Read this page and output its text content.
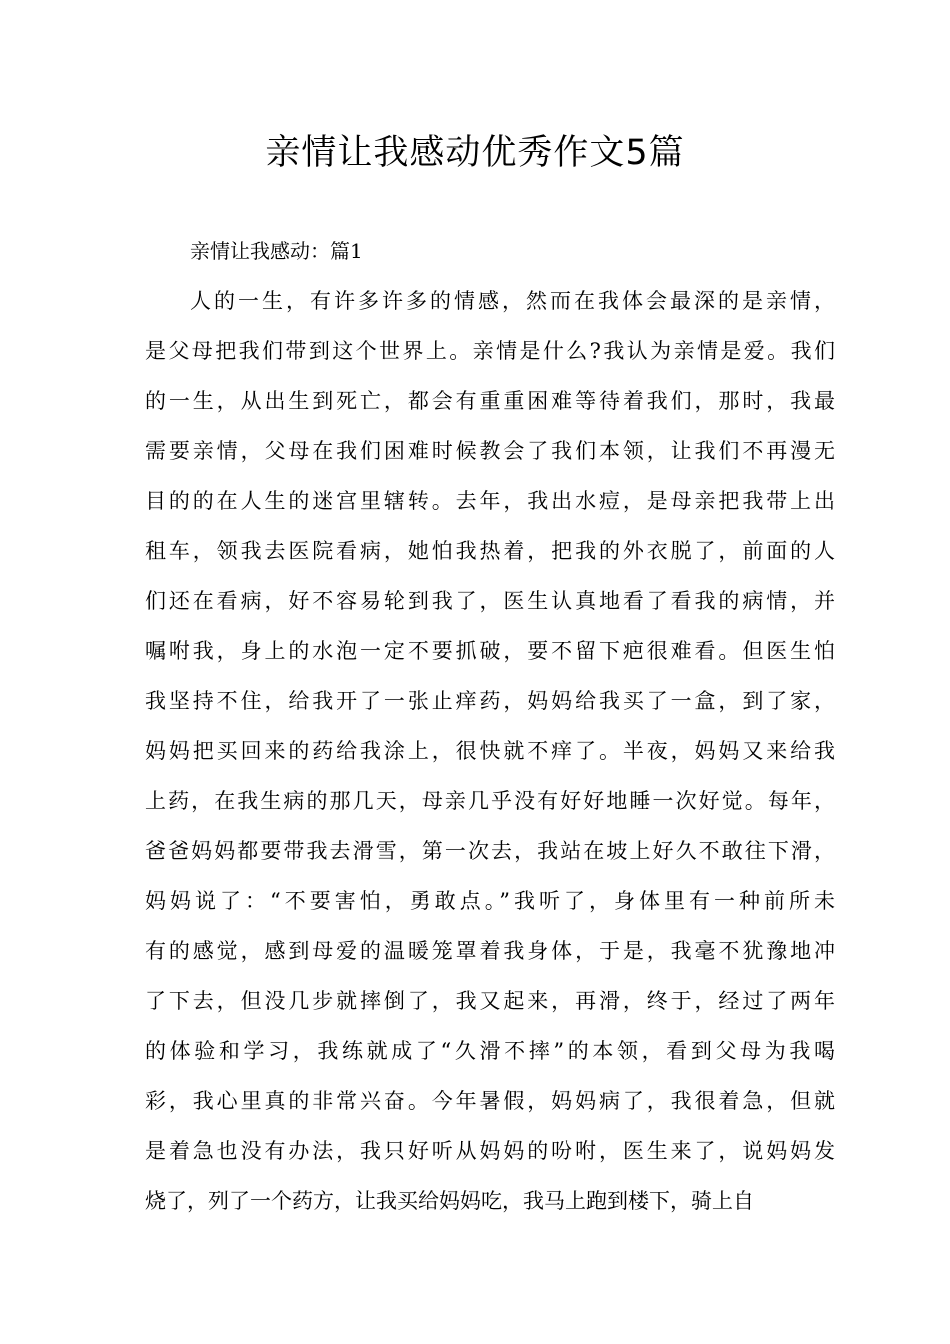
亲情让我感动优秀作文5篇

亲情让我感动：篇1

人的一生，有许多许多的情感，然而在我体会最深的是亲情，
是父母把我们带到这个世界上。亲情是什么?我认为亲情是爱。我们
的一生，从出生到死亡，都会有重重困难等待着我们，那时，我最
需要亲情，父母在我们困难时候教会了我们本领，让我们不再漫无
目的的在人生的迷宫里辖转。去年，我出水痘，是母亲把我带上出
租车，领我去医院看病，她怕我热着，把我的外衣脱了，前面的人
们还在看病，好不容易轮到我了，医生认真地看了看我的病情，并
嘱咐我，身上的水泡一定不要抓破，要不留下疤很难看。但医生怕
我坚持不住，给我开了一张止痒药，妈妈给我买了一盒，到了家，
妈妈把买回来的药给我涂上，很快就不痒了。半夜，妈妈又来给我
上药，在我生病的那几天，母亲几乎没有好好地睡一次好觉。每年，
爸爸妈妈都要带我去滑雪，第一次去，我站在坡上好久不敢往下滑，
妈妈说了：“不要害怕，勇敢点。”我听了，身体里有一种前所未
有的感觉，感到母爱的温暖笼罩着我身体，于是，我毫不犹豫地冲
了下去，但没几步就摔倒了，我又起来，再滑，终于，经过了两年
的体验和学习，我练就成了“久滑不摔”的本领，看到父母为我喝
彩，我心里真的非常兴奋。今年暑假，妈妈病了，我很着急，但就
是着急也没有办法，我只好听从妈妈的吩咐，医生来了，说妈妈发
烧了，列了一个药方，让我买给妈妈吃，我马上跑到楼下，骑上自
